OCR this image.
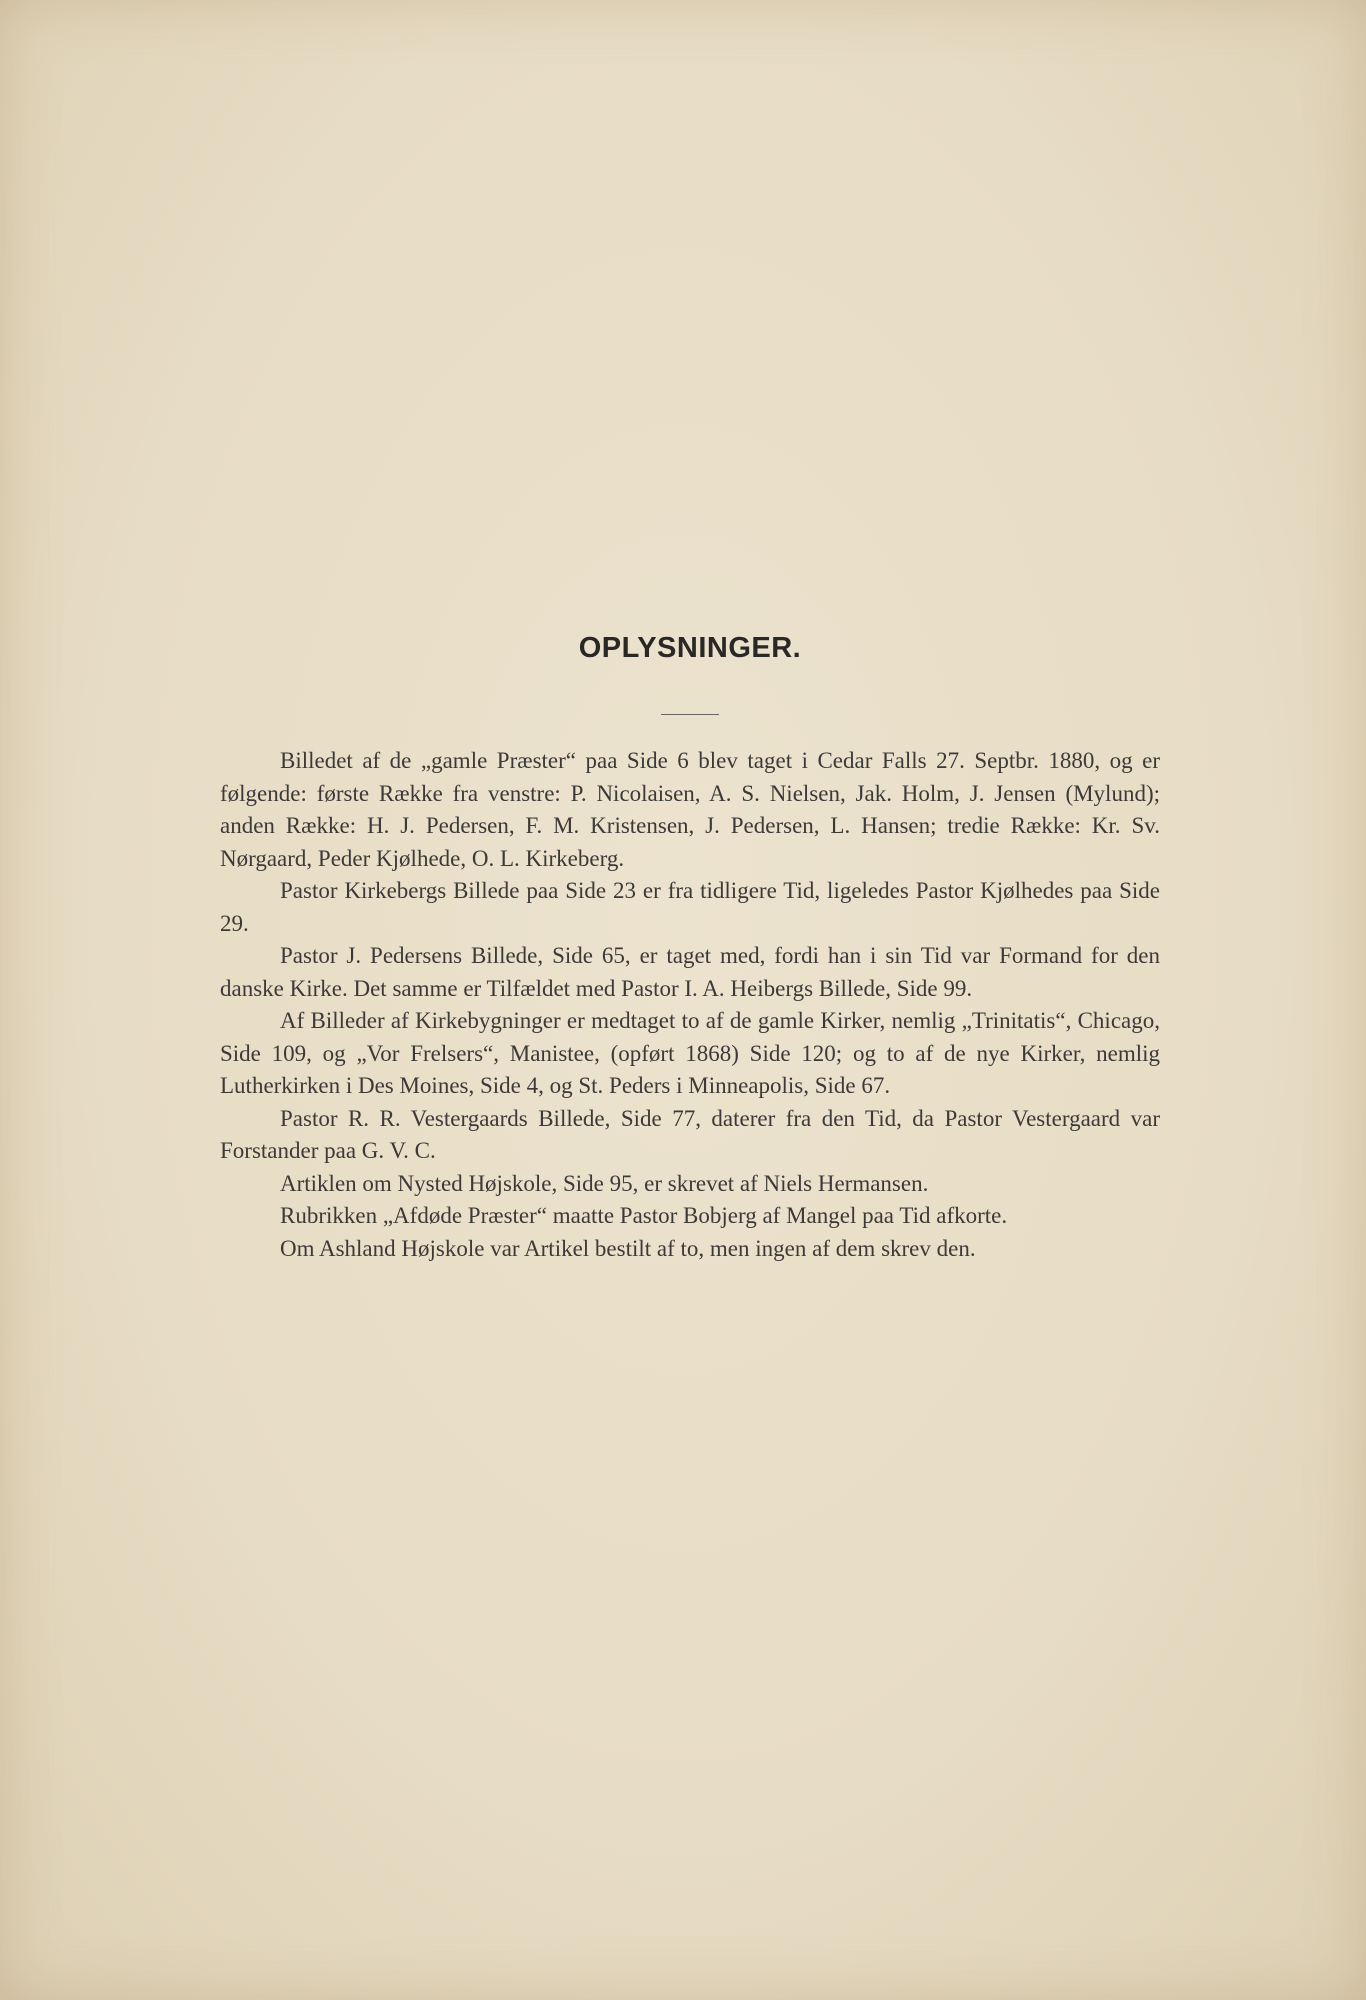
OPLYSNINGER.

Billedet af de „gamle Præster“ paa Side 6 blev taget i Cedar Falls 27. Septbr. 1880, og er følgende: første Række fra venstre: P. Nicolaisen, A. S. Nielsen, Jak. Holm, J. Jensen (Mylund); anden Række: H. J. Pedersen, F. M. Kristensen, J. Pedersen, L. Hansen; tredie Række: Kr. Sv. Nørgaard, Peder Kjølhede, O. L. Kirkeberg.

Pastor Kirkebergs Billede paa Side 23 er fra tidligere Tid, ligeledes Pastor Kjølhedes paa Side 29.

Pastor J. Pedersens Billede, Side 65, er taget med, fordi han i sin Tid var Formand for den danske Kirke. Det samme er Tilfældet med Pastor I. A. Heibergs Billede, Side 99.

Af Billeder af Kirkebygninger er medtaget to af de gamle Kirker, nemlig „Trinitatis“, Chicago, Side 109, og „Vor Frelsers“, Manistee, (opført 1868) Side 120; og to af de nye Kirker, nemlig Lutherkirken i Des Moines, Side 4, og St. Peders i Minneapolis, Side 67.

Pastor R. R. Vestergaards Billede, Side 77, daterer fra den Tid, da Pastor Vestergaard var Forstander paa G. V. C.

Artiklen om Nysted Højskole, Side 95, er skrevet af Niels Hermansen.

Rubrikken „Afdøde Præster“ maatte Pastor Bobjerg af Mangel paa Tid afkorte.

Om Ashland Højskole var Artikel bestilt af to, men ingen af dem skrev den.
